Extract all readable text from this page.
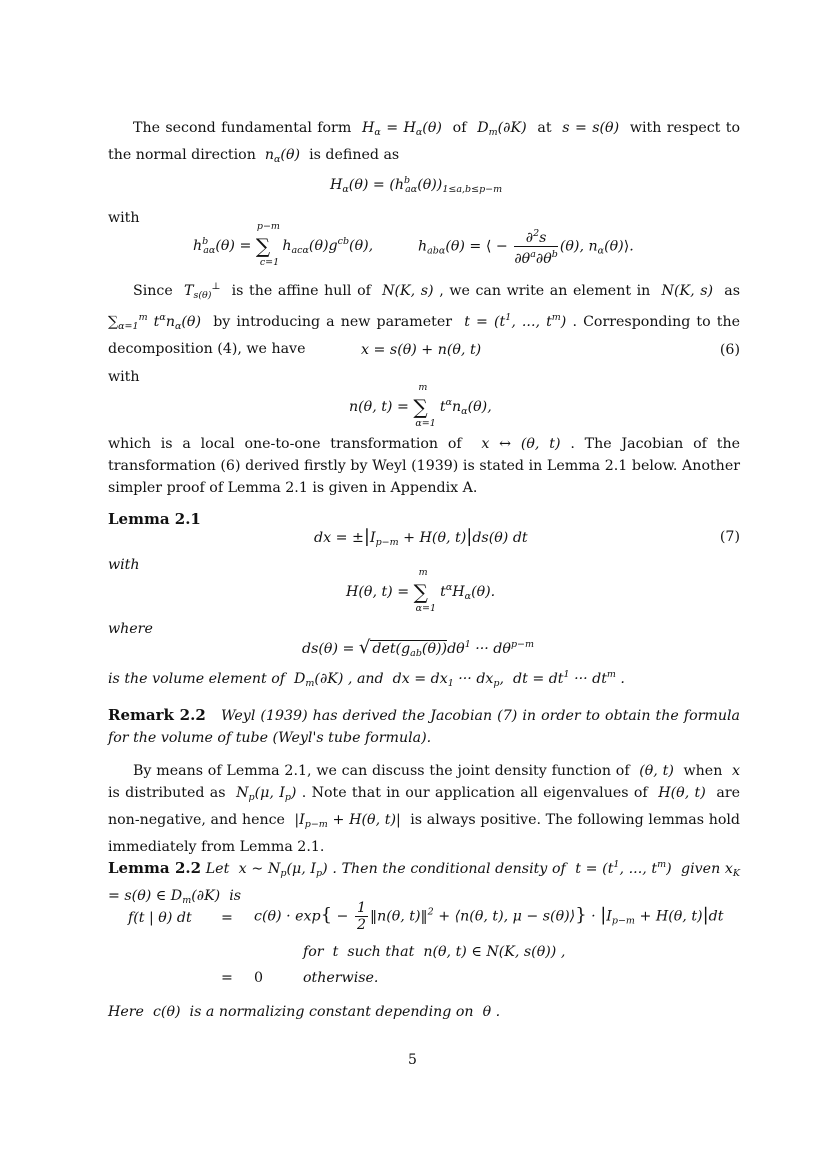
The second fundamental form  $H_\alpha = H_\alpha(\theta)$  of  $D_m(\partial K)$  at  s = s(θ)  with respect to the normal direction  $n_\alpha(\theta)$  is defined as
$H_\alpha(\theta) = (h^b_{a\alpha}(\theta))_{1\le a,b\le p-m}$
with
$h^b_{a\alpha}(\theta)$ = ∑
p−m
c=1
$h_{ac\alpha}(\theta)g^{cb}(\theta)$,	$h_{ab\alpha}(\theta)$ = ⟨ − $\frac{\partial^2s}{\partial\theta^a\partial\theta^b} (\theta)$, $n_\alpha(\theta)⟩$.
Since  $T_{s(\theta)}^\perp$  is the affine hull of  N(K, s) , we can write an element in  N(K, s)  as $\sum_{\alpha=1}^m$ $t^\alpha n_\alpha(\theta)$  by introducing a new parameter  $t = (t^1$, ..., $t^m$) . Corresponding to the decomposition (4), we have	x = s(θ) + n(θ, t)	(6)
with
n(θ, t) = ∑
m
α=1
$t^\alpha n_\alpha(\theta)$,
which is a local one-to-one transformation of  x ↔ (θ, t) . The Jacobian of the transformation (6) derived firstly by Weyl (1939) is stated in Lemma 2.1 below. Another simpler proof of Lemma 2.1 is given in Appendix A.
Lemma 2.1
dx = $\pm|I_{p-m} + H(\theta$, t)|ds(θ) dt	(7)
with
H(θ, t) = ∑
m
α=1
$t^\alpha H_\alpha(\theta)$.
where
ds(θ) = √ $\det(g_{ab}(\theta))d\theta^1$ ··· $d\theta^{p-m}$
is the volume element of  $D_m(\partial K)$ , and  dx = $dx_1$ ··· $dx_p$,  dt = $dt^1$ ··· $dt^m$ .
Remark 2.2 Weyl (1939) has derived the Jacobian (7) in order to obtain the formula for the volume of tube (Weyl's tube formula).
By means of Lemma 2.1, we can discuss the joint density function of  (θ, t)  when  x is distributed as  $N_p(\mu$, $I_p$) . Note that in our application all eigenvalues of  H(θ, t)  are non-negative, and hence  $|I_{p-m} + H(\theta$, t)|  is always positive. The following lemmas hold immediately from Lemma 2.1.
Lemma 2.2 Let  x ∼ $N_p(\mu$, $I_p$) . Then the conditional density of  $t = (t^1$, ..., $t^m$)  given $x_K = s(\theta)$ ∈ $D_m(\partial K)$  is
f(t | θ) dt = $c(\theta) \cdot \exp\{ - \frac{1}{2}$ ‖n(θ, t)‖$^2$ + ⟨n(θ, t), μ − s(θ)⟩} · $|I_{p-m} + H(\theta$, t)|dt
for  t  such that  n(θ, t) ∈ N(K, s(θ)) ,
= 0	otherwise.
Here  c(θ)  is a normalizing constant depending on  θ .
5
